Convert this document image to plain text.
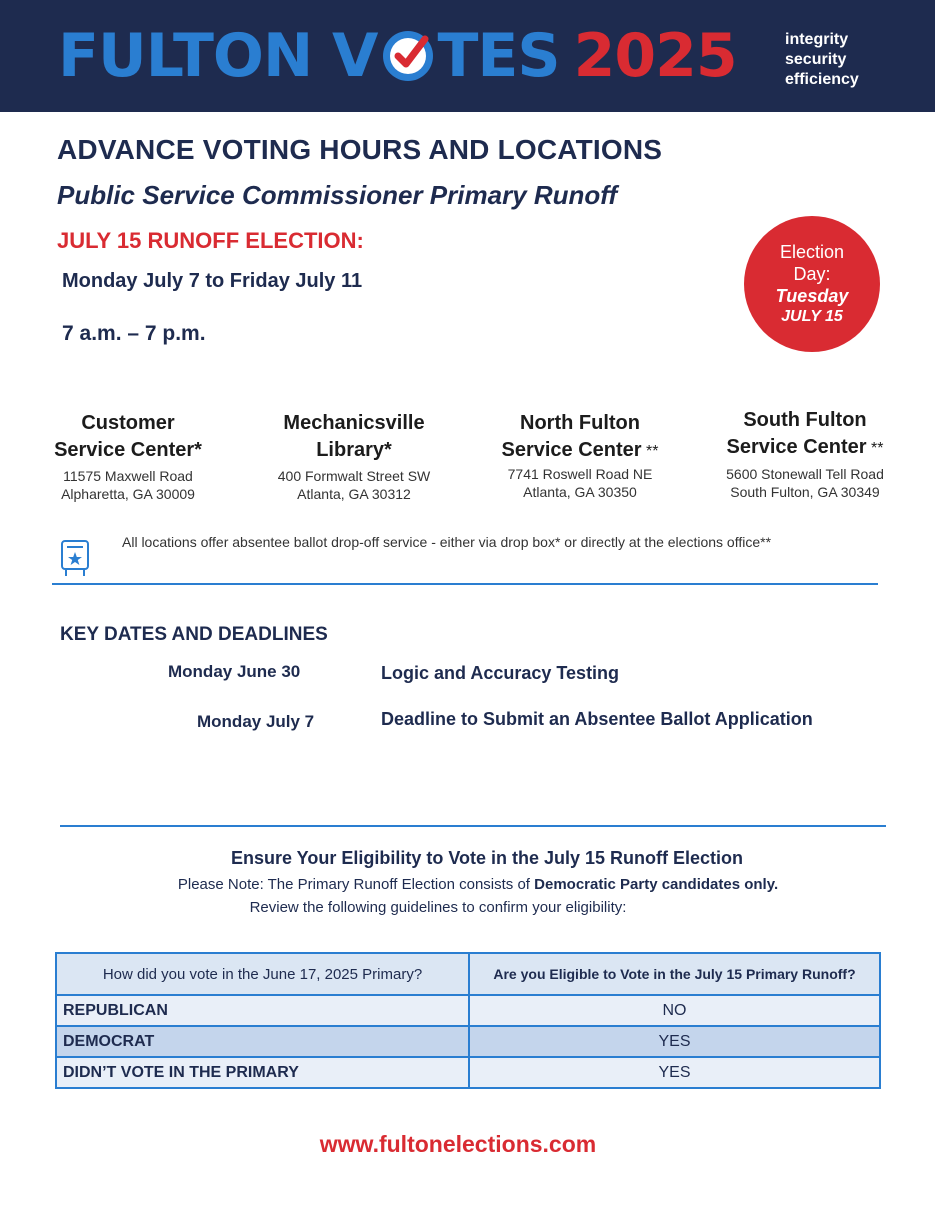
FULTON V TES 2025	integrity
security
efficiency
ADVANCE VOTING HOURS AND LOCATIONS
Public Service Commissioner Primary Runoff
JULY 15 RUNOFF ELECTION:
Monday July 7 to Friday July 11
7 a.m. – 7 p.m.
Election
Day:
Tuesday
JULY 15
Customer
Service Center*
11575 Maxwell Road
Alpharetta, GA 30009
Mechanicsville
Library*
400 Formwalt Street SW
Atlanta, GA 30312
North Fulton
Service Center **
7741 Roswell Road NE
Atlanta, GA 30350
South Fulton
Service Center **
5600 Stonewall Tell Road
South Fulton, GA 30349
All locations offer absentee ballot drop-off service - either via drop box* or directly at the elections office**
KEY DATES AND DEADLINES
Monday June 30	Logic and Accuracy Testing
Monday July 7	Deadline to Submit an Absentee Ballot Application
Ensure Your Eligibility to Vote in the July 15 Runoff Election
Please Note: The Primary Runoff Election consists of Democratic Party candidates only.
Review the following guidelines to confirm your eligibility:
How did you vote in the June 17, 2025 Primary?	Are you Eligible to Vote in the July 15 Primary Runoff?
REPUBLICAN	NO
DEMOCRAT	YES
DIDN’T VOTE IN THE PRIMARY	YES
www.fultonelections.com
